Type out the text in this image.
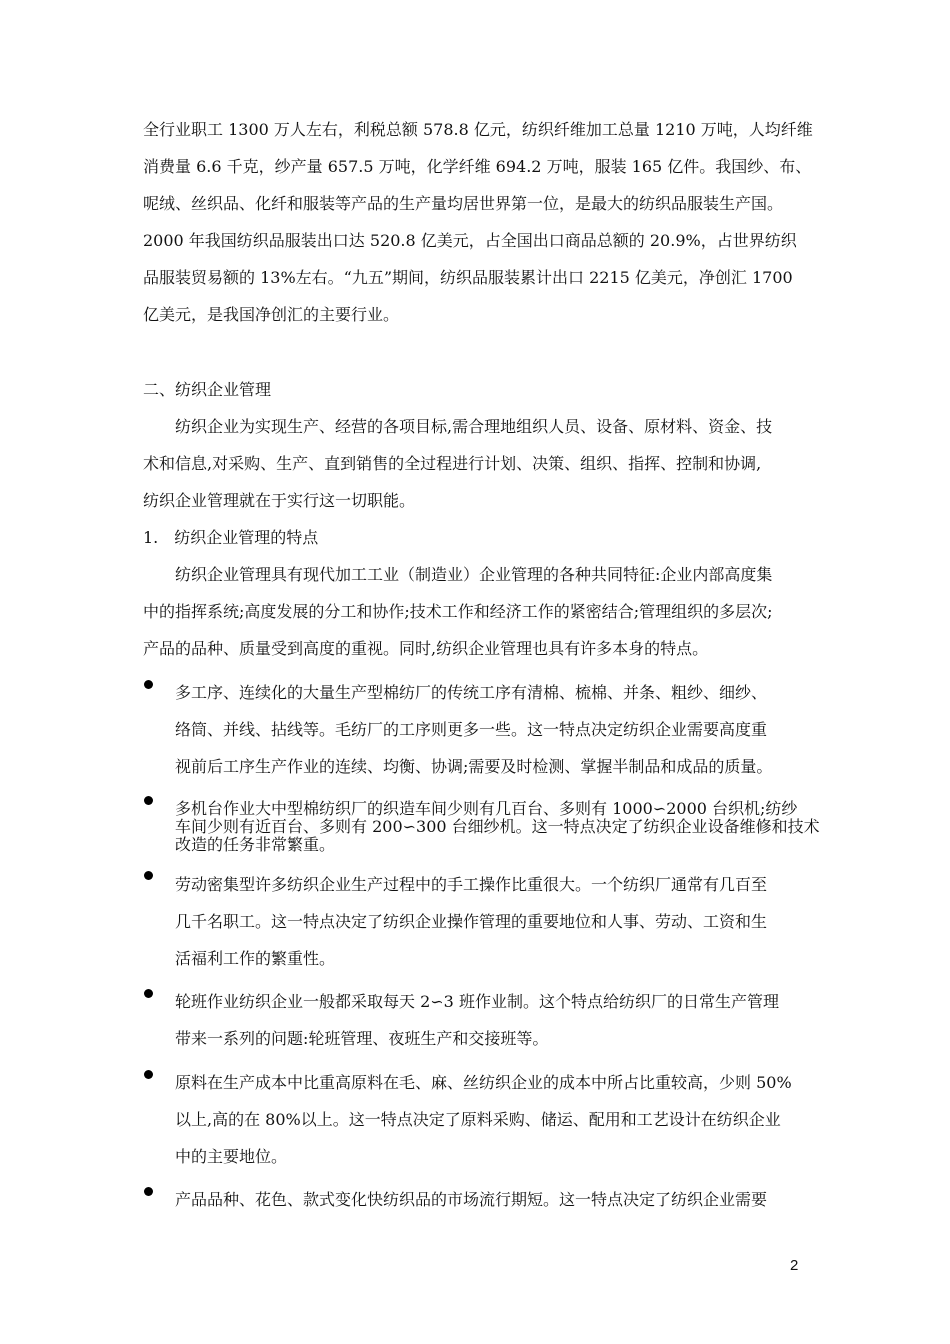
全行业职工 1300 万人左右，利税总额 578.8 亿元，纺织纤维加工总量 1210 万吨，人均纤维
消费量 6.6 千克，纱产量 657.5 万吨，化学纤维 694.2 万吨，服装 165 亿件。我国纱、布、
呢绒、丝织品、化纤和服装等产品的生产量均居世界第一位，是最大的纺织品服装生产国。
2000 年我国纺织品服装出口达 520.8 亿美元，占全国出口商品总额的 20.9%，占世界纺织
品服装贸易额的 13%左右。“九五”期间，纺织品服装累计出口 2215 亿美元，净创汇 1700
亿美元，是我国净创汇的主要行业。
二、纺织企业管理
纺织企业为实现生产、经营的各项目标,需合理地组织人员、设备、原材料、资金、技
术和信息,对采购、生产、直到销售的全过程进行计划、决策、组织、指挥、控制和协调,
纺织企业管理就在于实行这一切职能。
1.　纺织企业管理的特点
纺织企业管理具有现代加工工业（制造业）企业管理的各种共同特征:企业内部高度集
中的指挥系统;高度发展的分工和协作;技术工作和经济工作的紧密结合;管理组织的多层次;
产品的品种、质量受到高度的重视。同时,纺织企业管理也具有许多本身的特点。
多工序、连续化的大量生产型棉纺厂的传统工序有清棉、梳棉、并条、粗纱、细纱、
络筒、并线、拈线等。毛纺厂的工序则更多一些。这一特点决定纺织企业需要高度重
视前后工序生产作业的连续、均衡、协调;需要及时检测、掌握半制品和成品的质量。
多机台作业大中型棉纺织厂的织造车间少则有几百台、多则有 1000∽2000 台织机;纺纱
车间少则有近百台、多则有 200∽300 台细纱机。这一特点决定了纺织企业设备维修和技术
改造的任务非常繁重。
劳动密集型许多纺织企业生产过程中的手工操作比重很大。一个纺织厂通常有几百至
几千名职工。这一特点决定了纺织企业操作管理的重要地位和人事、劳动、工资和生
活福利工作的繁重性。
轮班作业纺织企业一般都采取每天 2∽3 班作业制。这个特点给纺织厂的日常生产管理
带来一系列的问题:轮班管理、夜班生产和交接班等。
原料在生产成本中比重高原料在毛、麻、丝纺织企业的成本中所占比重较高，少则 50%
以上,高的在 80%以上。这一特点决定了原料采购、储运、配用和工艺设计在纺织企业
中的主要地位。
产品品种、花色、款式变化快纺织品的市场流行期短。这一特点决定了纺织企业需要
2
